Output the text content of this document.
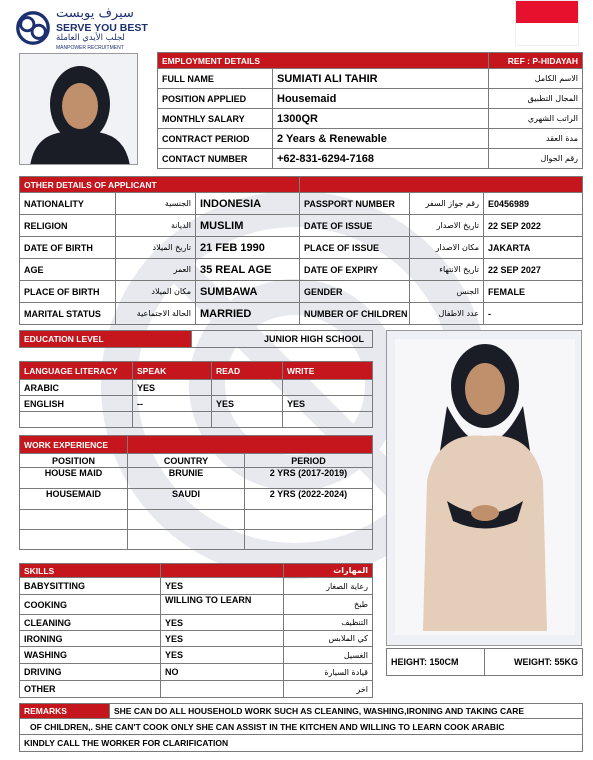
سيرف يوبست
SERVE YOU BEST
لجلب الأيدي العاملة
MANPOWER RECRUITMENT
EMPLOYMENT DETAILS		REF : P-HIDAYAH
FULL NAME	SUMIATI ALI TAHIR	الاسم الكامل
POSITION APPLIED	Housemaid	المجال التطبيق
MONTHLY SALARY	1300QR	الراتب الشهري
CONTRACT PERIOD	2 Years & Renewable	مدة العقد
CONTACT NUMBER	+62-831-6294-7168	رقم الجوال
OTHER DETAILS OF APPLICANT					
NATIONALITY	الجنسية	INDONESIA	PASSPORT NUMBER	رقم جواز السفر	E0456989
RELIGION	الديانة	MUSLIM	DATE OF ISSUE	تاريخ الاصدار	22 SEP 2022
DATE OF BIRTH	تاريخ الميلاد	21 FEB 1990	PLACE OF ISSUE	مكان الاصدار	JAKARTA
AGE	العمر	35 REAL AGE	DATE OF EXPIRY	تاريخ الانتهاء	22 SEP 2027
PLACE OF BIRTH	مكان الميلاد	SUMBAWA	GENDER	الجنس	FEMALE
MARITAL STATUS	الحالة الاجتماعية	MARRIED	NUMBER OF CHILDREN	عدد الاطفال	-
EDUCATION LEVEL	JUNIOR HIGH SCHOOL
LANGUAGE LITERACY	SPEAK	READ	WRITE
ARABIC	YES		
ENGLISH	--	YES	YES

WORK EXPERIENCE		
POSITION	COUNTRY	PERIOD
HOUSE MAID	BRUNIE	2 YRS (2017-2019)
HOUSEMAID	SAUDI	2 YRS (2022-2024)

SKILLS		المهارات
BABYSITTING	YES	رعاية الصغار
COOKING	WILLING TO LEARN	طبخ
CLEANING	YES	التنظيف
IRONING	YES	كي الملابس
WASHING	YES	الغسيل
DRIVING	NO	قيادة السيارة
OTHER		اخر
HEIGHT: 150CM	WEIGHT: 55KG
REMARKS	SHE CAN DO ALL HOUSEHOLD WORK SUCH AS CLEANING, WASHING,IRONING AND TAKING CARE
OF CHILDREN,. SHE CAN'T COOK ONLY SHE CAN ASSIST IN THE KITCHEN AND WILLING TO LEARN COOK ARABIC
KINDLY CALL THE WORKER FOR CLARIFICATION
